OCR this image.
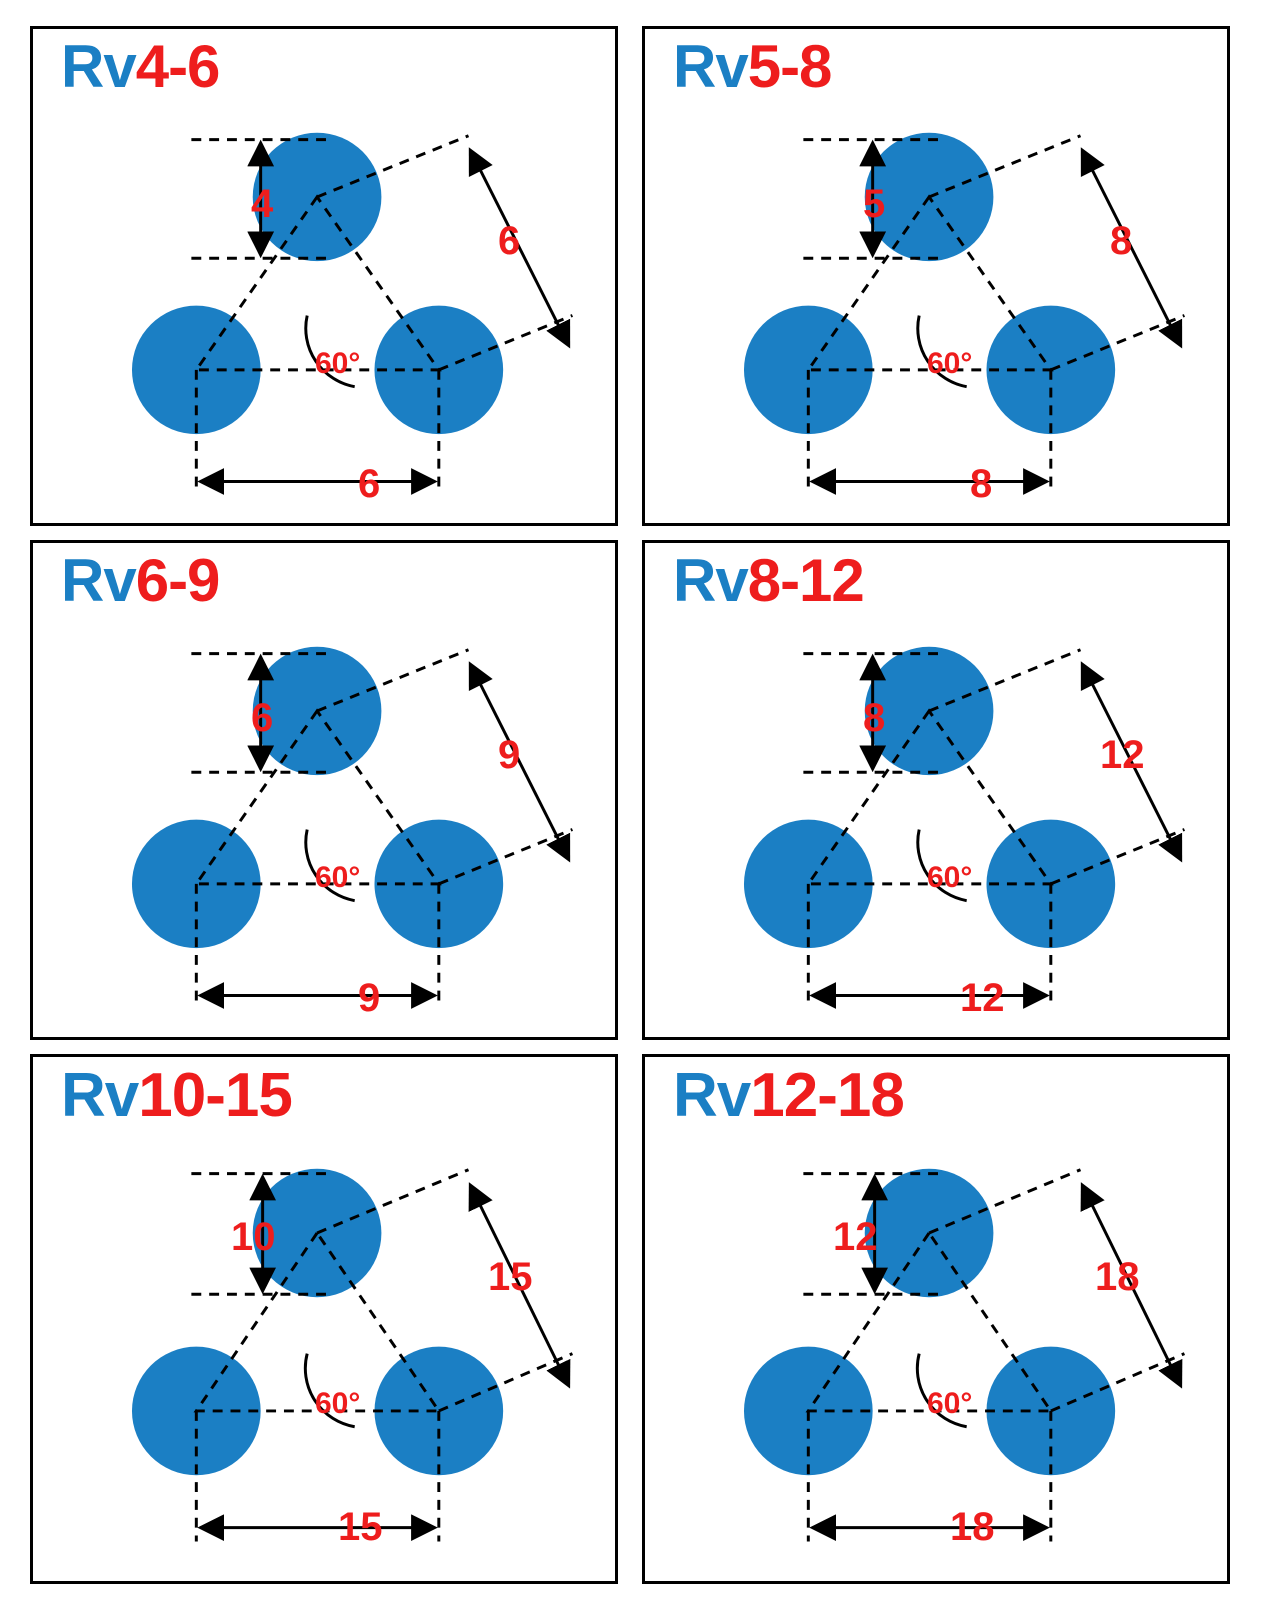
Rv4-6
4
6
6
60°
Rv5-8
5
8
8
60°
Rv6-9
6
9
9
60°
Rv8-12
8
12
12
60°
Rv10-15
10
15
15
60°
Rv12-18
12
18
18
60°
